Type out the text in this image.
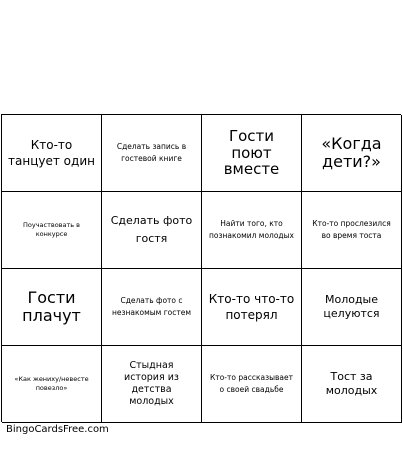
Кто-то танцует один
Сделать запись в гостевой книге
Гости поют вместе
«Когда дети?»
Поучаствовать в конкурсе
Сделать фото гостя
Найти того, кто познакомил молодых
Кто-то прослезился во время тоста
Гости плачут
Сделать фото с незнакомым гостем
Кто-то что-то потерял
Молодые целуются
«Как жениху/невесте повезло»
Стыдная история из детства молодых
Кто-то рассказывает о своей свадьбе
Тост за молодых
BingoCardsFree.com
